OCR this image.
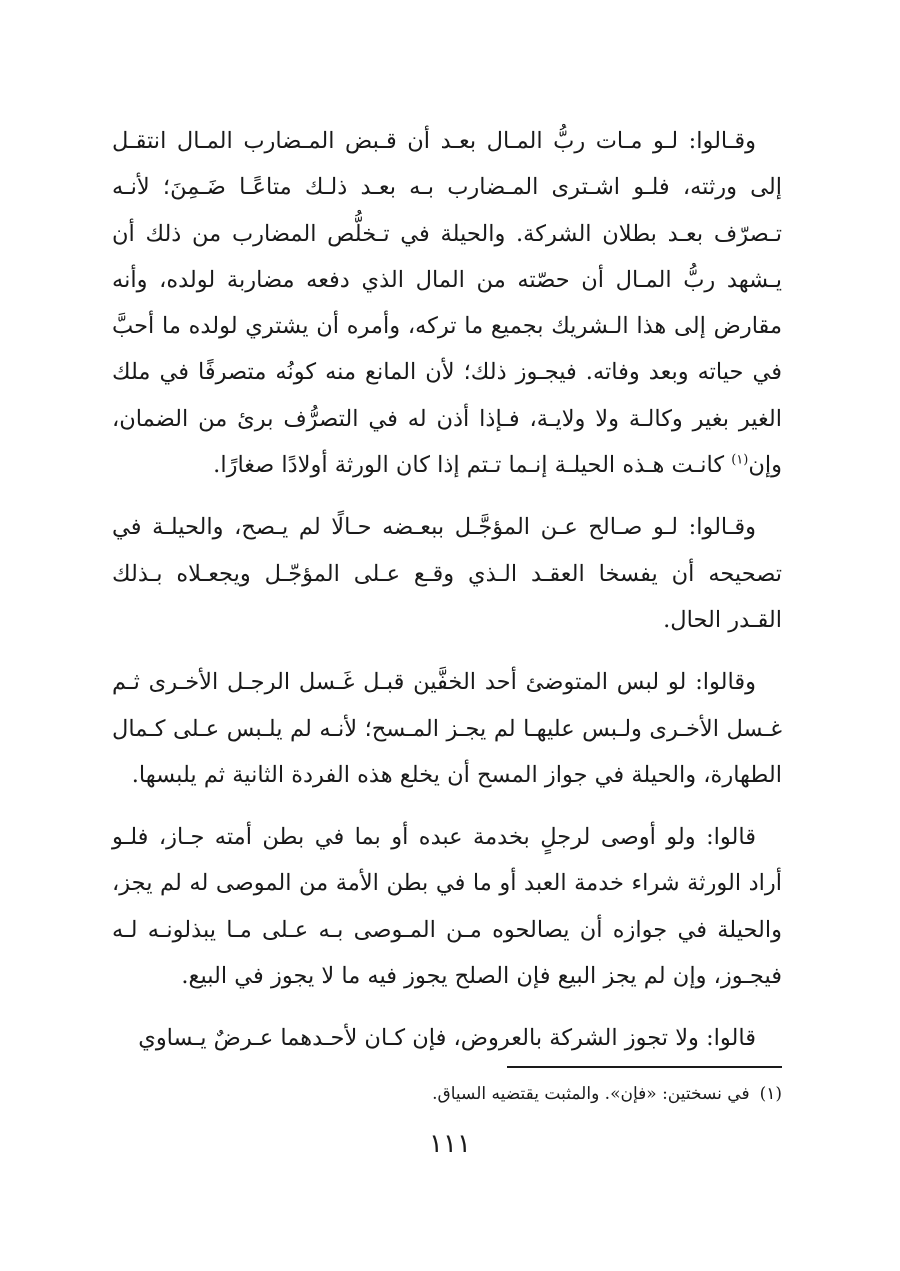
وقـالوا: لـو مـات ربُّ المـال بعـد أن قـبض المـضارب المـال انتقـل إلى ورثته، فلـو اشـترى المـضارب بـه بعـد ذلـك متاعًـا ضَـمِنَ؛ لأنـه تـصرّف بعـد بطلان الشركة. والحيلة في تـخلُّص المضارب من ذلك أن يـشهد ربُّ المـال أن حصّته من المال الذي دفعه مضاربة لولده، وأنه مقارض إلى هذا الـشريك بجميع ما تركه، وأمره أن يشتري لولده ما أحبَّ في حياته وبعد وفاته. فيجـوز ذلك؛ لأن المانع منه كونُه متصرفًا في ملك الغير بغير وكالـة ولا ولايـة، فـإذا أذن له في التصرُّف برئ من الضمان، وإن$^{(١)}$ كانـت هـذه الحيلـة إنـما تـتم إذا كان الورثة أولادًا صغارًا.

وقـالوا: لـو صـالح عـن المؤجَّـل ببعـضه حـالًا لم يـصح، والحيلـة في تصحيحه أن يفسخا العقـد الـذي وقـع عـلى المؤجّـل ويجعـلاه بـذلك القـدر الحال.

وقالوا: لو لبس المتوضئ أحد الخفَّين قبـل غَـسل الرجـل الأخـرى ثـم غـسل الأخـرى ولـبس عليهـا لم يجـز المـسح؛ لأنـه لم يلـبس عـلى كـمال الطهارة، والحيلة في جواز المسح أن يخلع هذه الفردة الثانية ثم يلبسها.

قالوا: ولو أوصى لرجلٍ بخدمة عبده أو بما في بطن أمته جـاز، فلـو أراد الورثة شراء خدمة العبد أو ما في بطن الأمة من الموصى له لم يجز، والحيلة في جوازه أن يصالحوه مـن المـوصى بـه عـلى مـا يبذلونـه لـه فيجـوز، وإن لم يجز البيع فإن الصلح يجوز فيه ما لا يجوز في البيع.

قالوا: ولا تجوز الشركة بالعروض، فإن كـان لأحـدهما عـرضٌ يـساوي

(١)في نسختين: «فإن». والمثبت يقتضيه السياق.

١١١
